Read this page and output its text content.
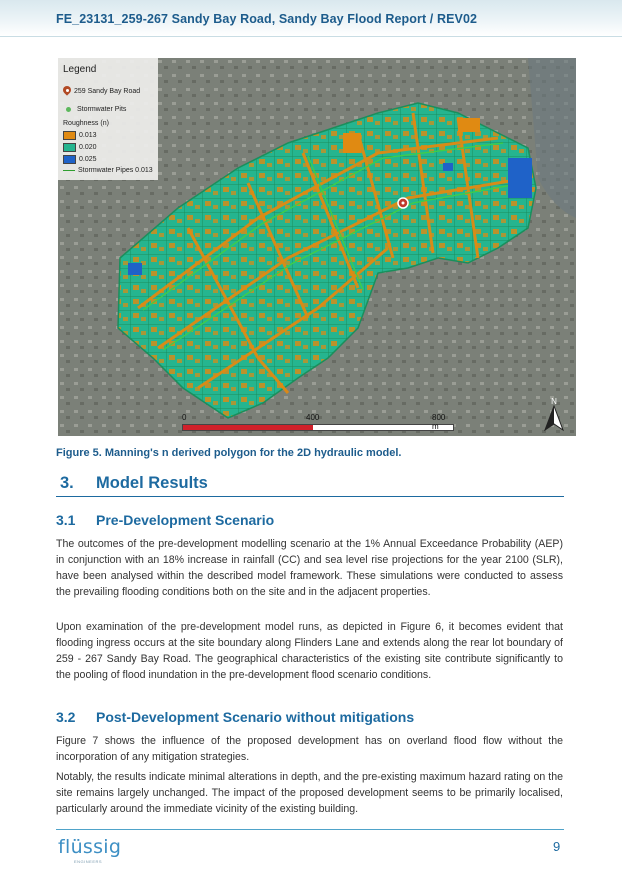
FE_23131_259-267 Sandy Bay Road, Sandy Bay Flood Report / REV02
Legend
259 Sandy Bay Road
Stormwater Pits
Roughness (n)
0.013
0.020
0.025
Stormwater Pipes 0.013
0	400	800 m
N
Figure 5. Manning's n derived polygon for the 2D hydraulic model.
3. Model Results
3.1 Pre-Development Scenario

The outcomes of the pre-development modelling scenario at the 1% Annual Exceedance Probability (AEP) in conjunction with an 18% increase in rainfall (CC) and sea level rise projections for the year 2100 (SLR), have been analysed within the described model framework. These simulations were conducted to assess the prevailing flooding conditions both on the site and in the adjacent properties.

Upon examination of the pre-development model runs, as depicted in Figure 6, it becomes evident that flooding ingress occurs at the site boundary along Flinders Lane and extends along the rear lot boundary of 259 - 267 Sandy Bay Road. The geographical characteristics of the existing site contribute significantly to the pooling of flood inundation in the pre-development flood scenario conditions.

3.2 Post-Development Scenario without mitigations

Figure 7 shows the influence of the proposed development has on overland flood flow without the incorporation of any mitigation strategies.

Notably, the results indicate minimal alterations in depth, and the pre-existing maximum hazard rating on the site remains largely unchanged. The impact of the proposed development seems to be primarily localised, particularly around the immediate vicinity of the existing building.

flüssig
ENGINEERS
9
